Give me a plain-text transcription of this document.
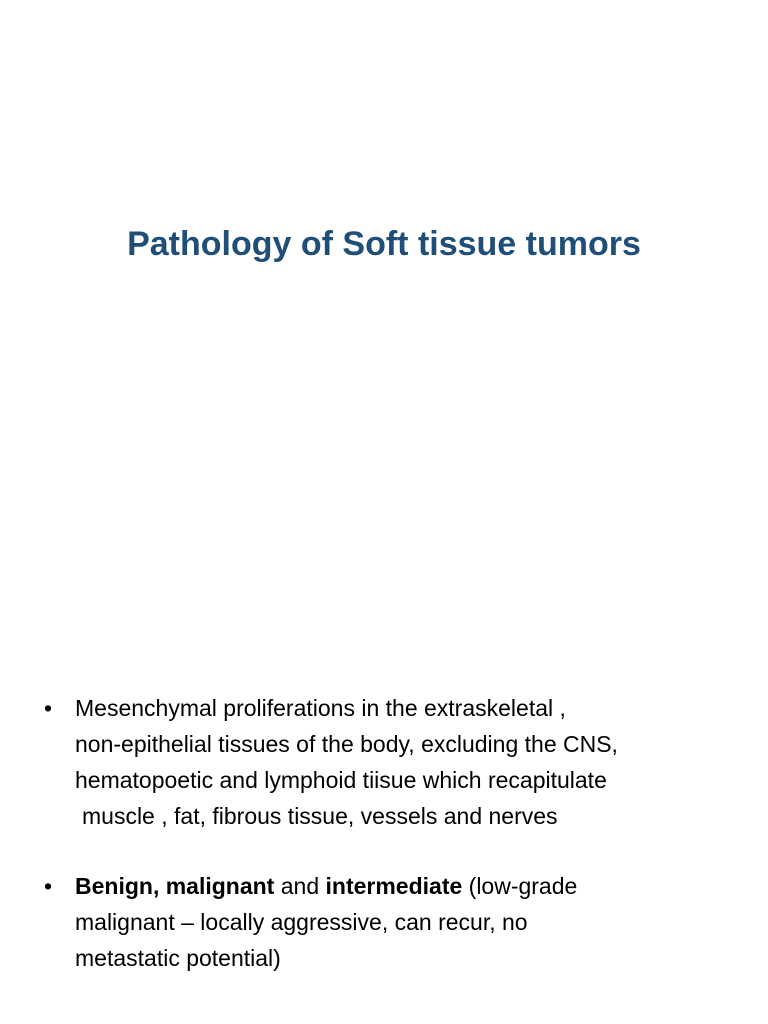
Pathology of Soft tissue tumors
• Mesenchymal proliferations in the extraskeletal ,
non-epithelial tissues of the body, excluding the CNS,
hematopoetic and lymphoid tiisue which recapitulate
muscle , fat, fibrous tissue, vessels and nerves
• Benign, malignant and intermediate (low-grade
malignant – locally aggressive, can recur, no
metastatic potential)
